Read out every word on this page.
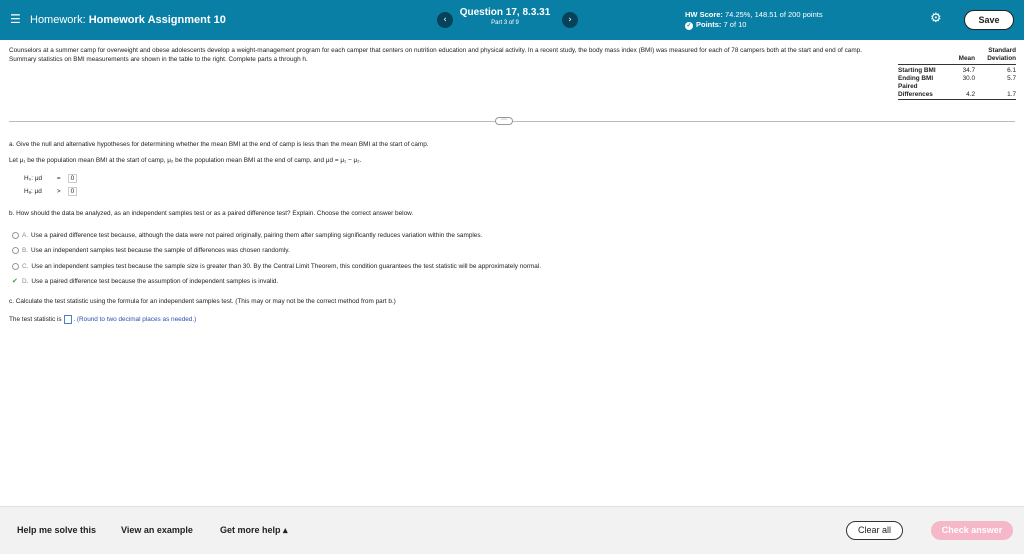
☰ Homework: Homework Assignment 10	‹
Question 17, 8.3.31
Part 3 of 9	›
HW Score: 74.25%, 148.51 of 200 points
✓ Points: 7 of 10	⚙	Save
Counselors at a summer camp for overweight and obese adolescents develop a weight-management program for each camper that centers on nutrition education and physical activity. In a recent study, the body mass index (BMI) was measured for each of 78 campers both at the start and end of camp. Summary statistics on BMI measurements are shown in the table to the right. Complete parts a through h.
		Mean	Standard
Deviation
Starting BMI	34.7	6.1
Ending BMI	30.0	5.7
Paired		
Differences	4.2	1.7
⋯
a. Give the null and alternative hypotheses for determining whether the mean BMI at the end of camp is less than the mean BMI at the start of camp.
Let μ₁ be the population mean BMI at the start of camp, μ₂ be the population mean BMI at the end of camp, and μd = μ₁ − μ₂.
H₀: μd = 0
Hₐ: μd > 0
b. How should the data be analyzed, as an independent samples test or as a paired difference test? Explain. Choose the correct answer below.
A. Use a paired difference test because, although the data were not paired originally, pairing them after sampling significantly reduces variation within the samples.
B. Use an independent samples test because the sample of differences was chosen randomly.
C. Use an independent samples test because the sample size is greater than 30. By the Central Limit Theorem, this condition guarantees the test statistic will be approximately normal.
✔ D. Use a paired difference test because the assumption of independent samples is invalid.
c. Calculate the test statistic using the formula for an independent samples test. (This may or may not be the correct method from part b.)
The test statistic is . (Round to two decimal places as needed.)
Help me solve this	View an example	Get more help ▴	Clear all	Check answer
